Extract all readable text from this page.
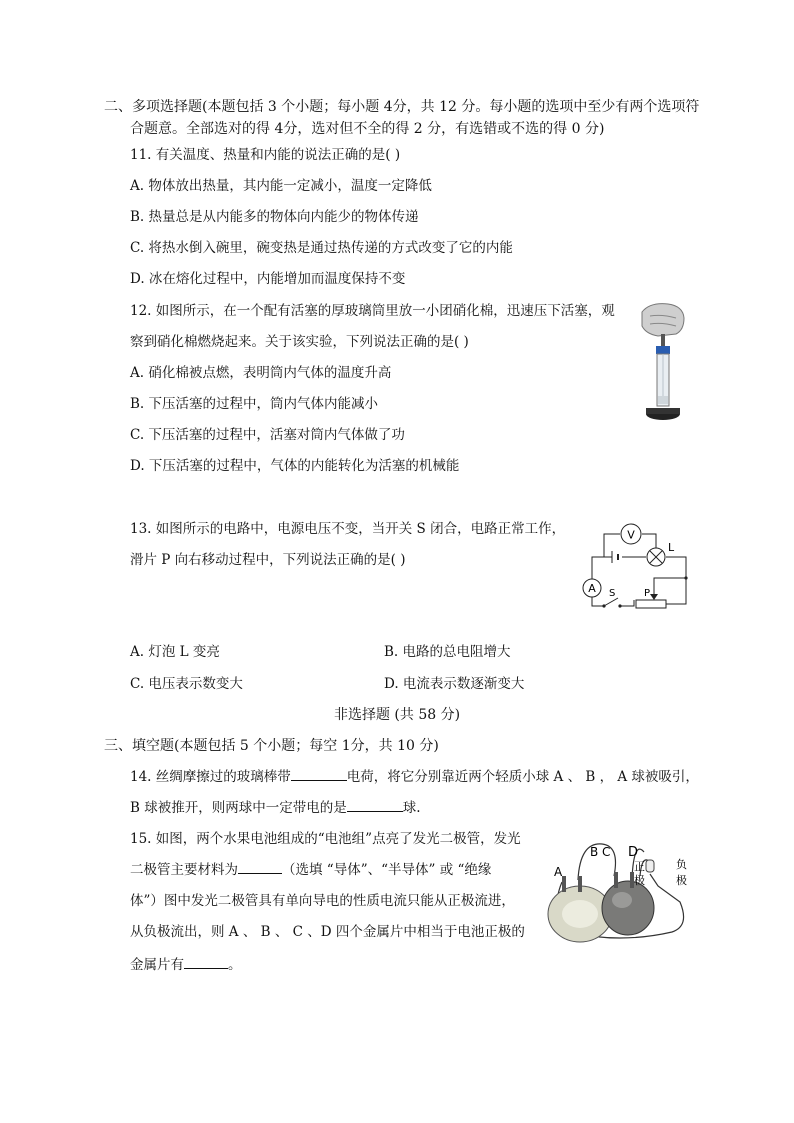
二、多项选择题(本题包括 3 个小题；每小题 4分，共 12 分。每小题的选项中至少有两个选项符
合题意。全部选对的得 4分，选对但不全的得 2 分，有选错或不选的得 0 分)
11. 有关温度、热量和内能的说法正确的是( )
A. 物体放出热量，其内能一定减小，温度一定降低
B. 热量总是从内能多的物体向内能少的物体传递
C. 将热水倒入碗里，碗变热是通过热传递的方式改变了它的内能
D. 冰在熔化过程中，内能增加而温度保持不变
12. 如图所示，在一个配有活塞的厚玻璃筒里放一小团硝化棉，迅速压下活塞，观
察到硝化棉燃烧起来。关于该实验，下列说法正确的是( )
A. 硝化棉被点燃，表明筒内气体的温度升高
B. 下压活塞的过程中，筒内气体内能减小
C. 下压活塞的过程中，活塞对筒内气体做了功
D. 下压活塞的过程中，气体的内能转化为活塞的机械能
13. 如图所示的电路中，电源电压不变，当开关 S 闭合，电路正常工作，
滑片 P 向右移动过程中，下列说法正确的是( )
V
L
A S	P
A. 灯泡 L 变亮	B. 电路的总电阻增大
C. 电压表示数变大	D. 电流表示数逐渐变大
非选择题 (共 58 分)
三、填空题(本题包括 5 个小题；每空 1分，共 10 分)
14. 丝绸摩擦过的玻璃棒带	电荷，将它分别靠近两个轻质小球 A 、 B ， A 球被吸引，
B 球被推开，则两球中一定带电的是	球.
15. 如图，两个水果电池组成的“电池组”点亮了发光二极管，发光
二极管主要材料为	（选填 “导体”、“半导体” 或 “绝缘
体”）图中发光二极管具有单向导电的性质电流只能从正极流进，
从负极流出，则 A 、 B 、 C 、D 四个金属片中相当于电池正极的
金属片有	。
A
B C D
正
极
负
极
